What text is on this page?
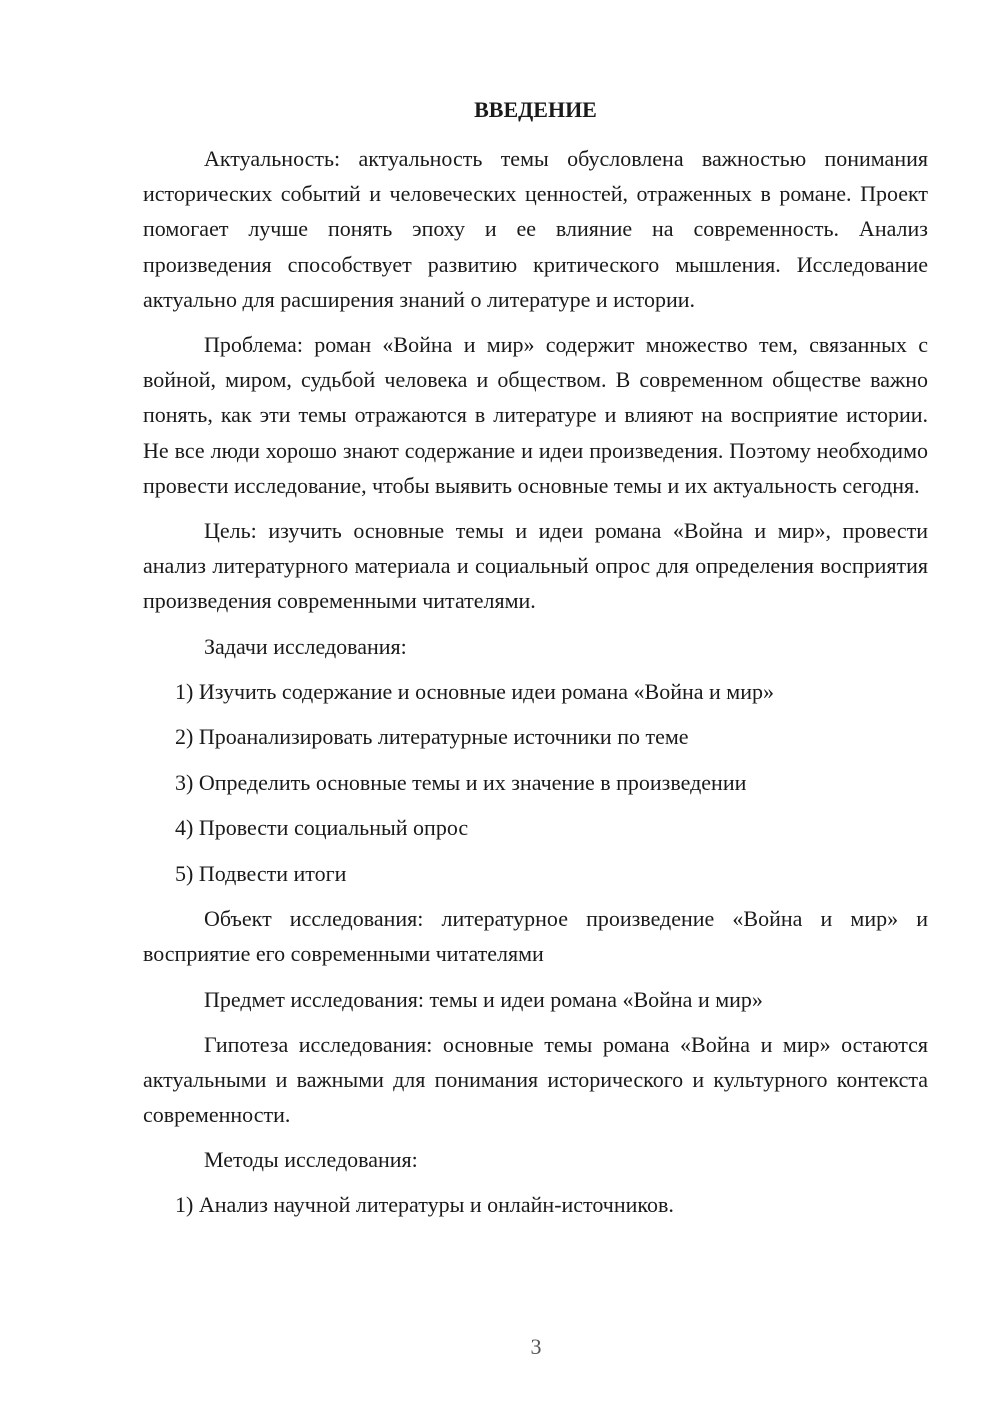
ВВЕДЕНИЕ

Актуальность: актуальность темы обусловлена важностью понимания исторических событий и человеческих ценностей, отраженных в романе. Проект помогает лучше понять эпоху и ее влияние на современность. Анализ произведения способствует развитию критического мышления. Исследование актуально для расширения знаний о литературе и истории.

Проблема: роман «Война и мир» содержит множество тем, связанных с войной, миром, судьбой человека и обществом. В современном обществе важно понять, как эти темы отражаются в литературе и влияют на восприятие истории. Не все люди хорошо знают содержание и идеи произведения. Поэтому необходимо провести исследование, чтобы выявить основные темы и их актуальность сегодня.

Цель: изучить основные темы и идеи романа «Война и мир», провести анализ литературного материала и социальный опрос для определения восприятия произведения современными читателями.

Задачи исследования:
1) Изучить содержание и основные идеи романа «Война и мир»
2) Проанализировать литературные источники по теме
3) Определить основные темы и их значение в произведении
4) Провести социальный опрос
5) Подвести итоги

Объект исследования: литературное произведение «Война и мир» и восприятие его современными читателями

Предмет исследования: темы и идеи романа «Война и мир»

Гипотеза исследования: основные темы романа «Война и мир» остаются актуальными и важными для понимания исторического и культурного контекста современности.

Методы исследования:
1) Анализ научной литературы и онлайн-источников.
3
